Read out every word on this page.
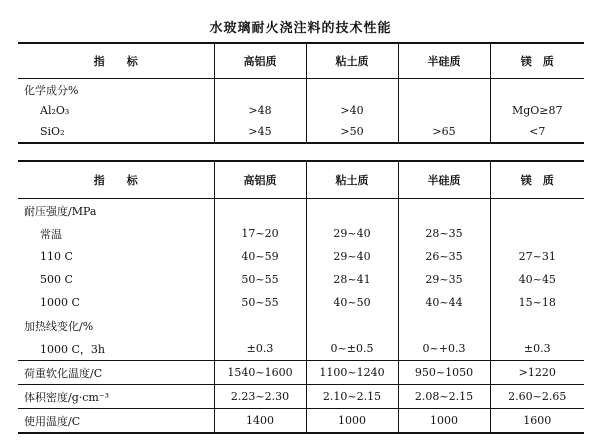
水玻璃耐火浇注料的技术性能
指　　标	高铝质	粘土质	半硅质	镁　质
化学成分%				
Al₂O₃	>48	>40		MgO≥87
SiO₂	>45	>50	>65	<7
指　　标	高铝质	粘土质	半硅质	镁　质
耐压强度/MPa				
常温	17~20	29~40	28~35	
110 C	40~59	29~40	26~35	27~31
500 C	50~55	28~41	29~35	40~45
1000 C	50~55	40~50	40~44	15~18
加热线变化/%				
1000 C，3h	±0.3	0~±0.5	0~+0.3	±0.3
荷重软化温度/C	1540~1600	1100~1240	950~1050	>1220
体积密度/g·cm⁻³	2.23~2.30	2.10~2.15	2.08~2.15	2.60~2.65
使用温度/C	1400	1000	1000	1600
